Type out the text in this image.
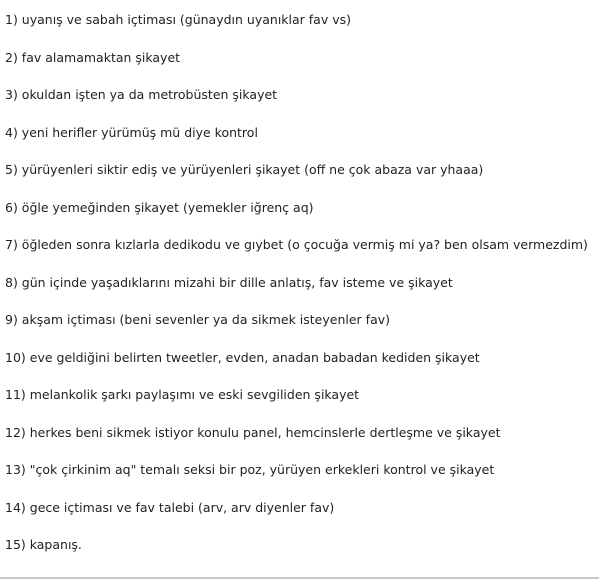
1) uyanış ve sabah içtiması (günaydın uyanıklar fav vs)
2) fav alamamaktan şikayet
3) okuldan işten ya da metrobüsten şikayet
4) yeni herifler yürümüş mü diye kontrol
5) yürüyenleri siktir ediş ve yürüyenleri şikayet (off ne çok abaza var yhaaa)
6) öğle yemeğinden şikayet (yemekler iğrenç aq)
7) öğleden sonra kızlarla dedikodu ve gıybet (o çocuğa vermiş mi ya? ben olsam vermezdim)
8) gün içinde yaşadıklarını mizahi bir dille anlatış, fav isteme ve şikayet
9) akşam içtiması (beni sevenler ya da sikmek isteyenler fav)
10) eve geldiğini belirten tweetler, evden, anadan babadan kediden şikayet
11) melankolik şarkı paylaşımı ve eski sevgiliden şikayet
12) herkes beni sikmek istiyor konulu panel, hemcinslerle dertleşme ve şikayet
13) "çok çirkinim aq" temalı seksi bir poz, yürüyen erkekleri kontrol ve şikayet
14) gece içtiması ve fav talebi (arv, arv diyenler fav)
15) kapanış.
